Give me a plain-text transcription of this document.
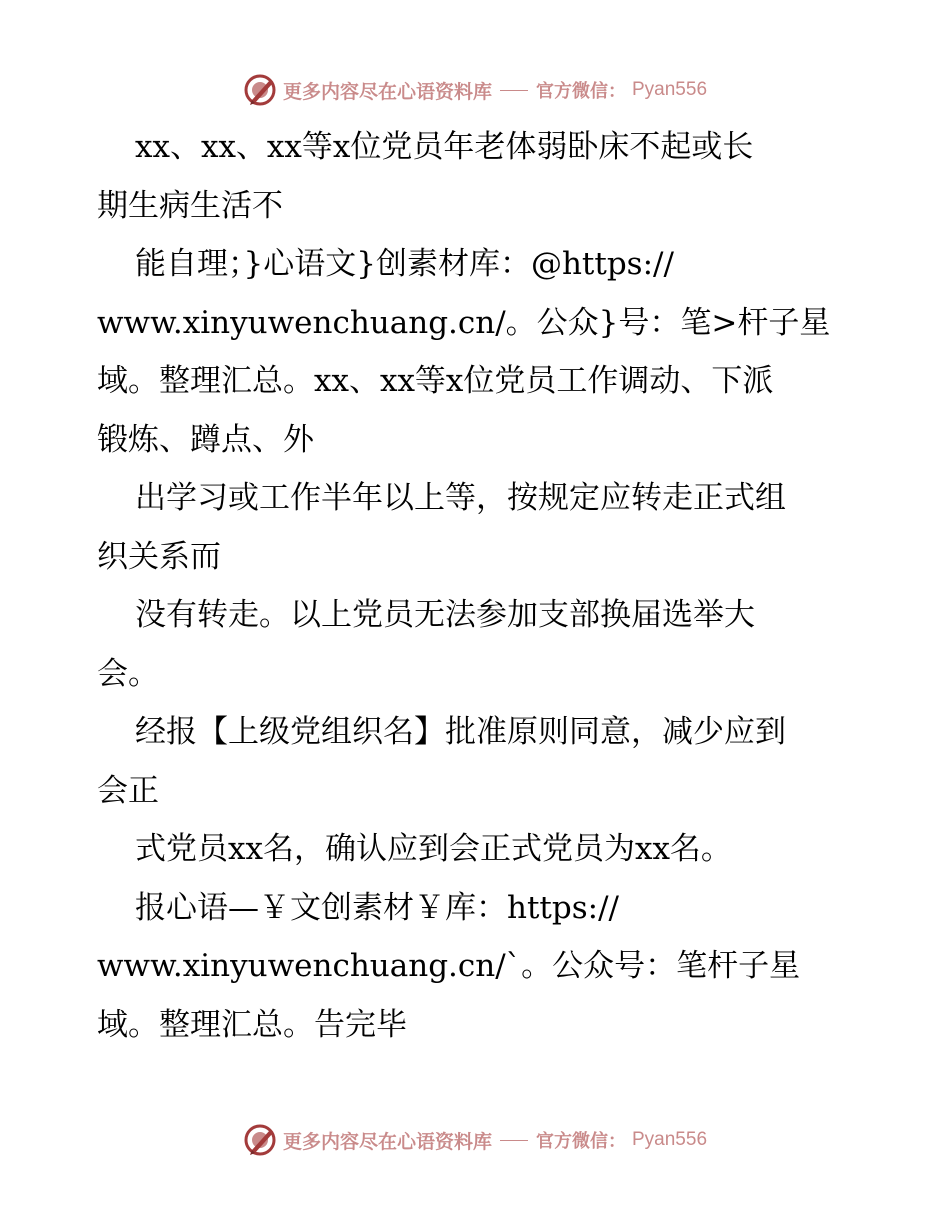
更多内容尽在心语资料库 官方微信： Pyan556
xx、xx、xx等x位党员年老体弱卧床不起或长
期生病生活不
能自理；}心语文}创素材库：@https://
www.xinyuwenchuang.cn/。公众}号：笔>杆子星
域。整理汇总。xx、xx等x位党员工作调动、下派
锻炼、蹲点、外
出学习或工作半年以上等，按规定应转走正式组
织关系而
没有转走。以上党员无法参加支部换届选举大
会。
经报【上级党组织名】批准原则同意，减少应到
会正
式党员xx名，确认应到会正式党员为xx名。
报心语—￥文创素材￥库：https://
www.xinyuwenchuang.cn/`。公众号：笔杆子星
域。整理汇总。告完毕
更多内容尽在心语资料库 官方微信： Pyan556
